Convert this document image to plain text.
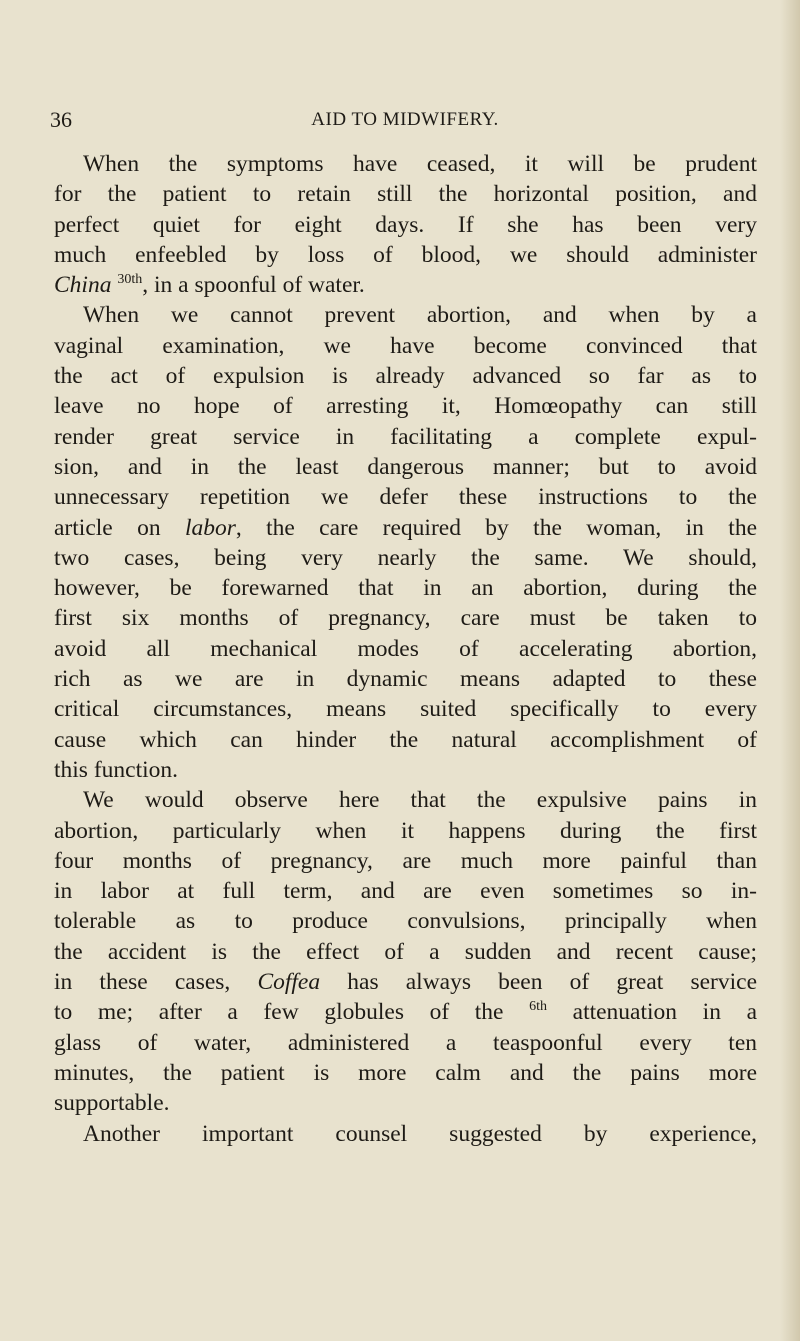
36	AID TO MIDWIFERY.
When the symptoms have ceased, it will be prudent
for the patient to retain still the horizontal position, and
perfect quiet for eight days. If she has been very
much enfeebled by loss of blood, we should administer
China $^{30th}$, in a spoonful of water.
When we cannot prevent abortion, and when by a
vaginal examination, we have become convinced that
the act of expulsion is already advanced so far as to
leave no hope of arresting it, Homœopathy can still
render great service in facilitating a complete expul-
sion, and in the least dangerous manner; but to avoid
unnecessary repetition we defer these instructions to the
article on labor, the care required by the woman, in the
two cases, being very nearly the same. We should,
however, be forewarned that in an abortion, during the
first six months of pregnancy, care must be taken to
avoid all mechanical modes of accelerating abortion,
rich as we are in dynamic means adapted to these
critical circumstances, means suited specifically to every
cause which can hinder the natural accomplishment of
this function.
We would observe here that the expulsive pains in
abortion, particularly when it happens during the first
four months of pregnancy, are much more painful than
in labor at full term, and are even sometimes so in-
tolerable as to produce convulsions, principally when
the accident is the effect of a sudden and recent cause;
in these cases, Coffea has always been of great service
to me; after a few globules of the $^{6th}$ attenuation in a
glass of water, administered a teaspoonful every ten
minutes, the patient is more calm and the pains more
supportable.
Another important counsel suggested by experience,
